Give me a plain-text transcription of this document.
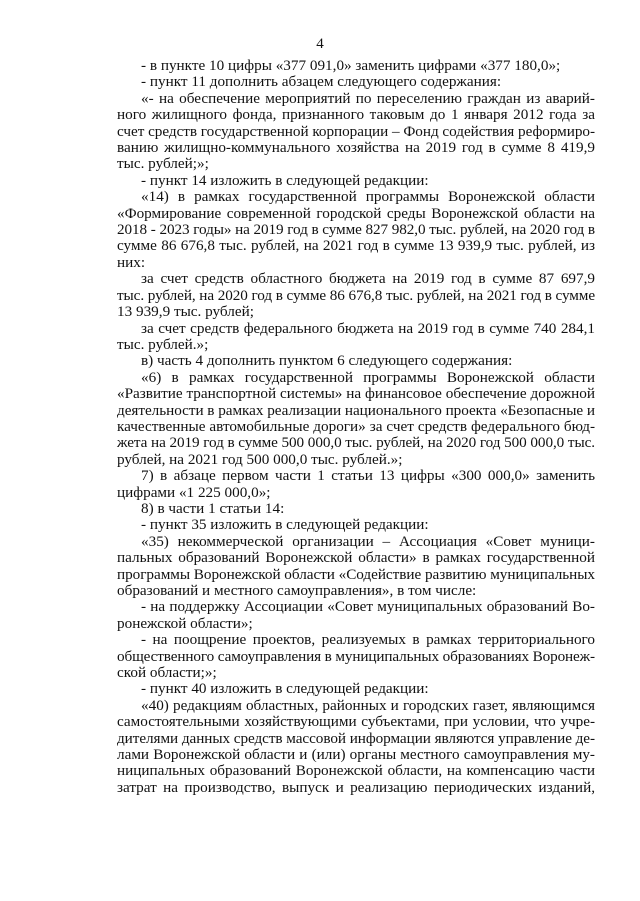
4
- в пункте 10 цифры «377 091,0» заменить цифрами «377 180,0»;
- пункт 11 дополнить абзацем следующего содержания:
«- на обеспечение мероприятий по переселению граждан из аварий-
ного жилищного фонда, признанного таковым до 1 января 2012 года за
счет средств государственной корпорации – Фонд содействия реформиро-
ванию жилищно-коммунального хозяйства на 2019 год в сумме 8 419,9
тыс. рублей;»;
- пункт 14 изложить в следующей редакции:
«14) в рамках государственной программы Воронежской области
«Формирование современной городской среды Воронежской области на
2018 - 2023 годы» на 2019 год в сумме 827 982,0 тыс. рублей, на 2020 год в
сумме 86 676,8 тыс. рублей, на 2021 год в сумме 13 939,9 тыс. рублей, из
них:
за счет средств областного бюджета на 2019 год в сумме 87 697,9
тыс. рублей, на 2020 год в сумме 86 676,8 тыс. рублей, на 2021 год в сумме
13 939,9 тыс. рублей;
за счет средств федерального бюджета на 2019 год в сумме 740 284,1
тыс. рублей.»;
в) часть 4 дополнить пунктом 6 следующего содержания:
«6) в рамках государственной программы Воронежской области
«Развитие транспортной системы» на финансовое обеспечение дорожной
деятельности в рамках реализации национального проекта «Безопасные и
качественные автомобильные дороги» за счет средств федерального бюд-
жета на 2019 год в сумме 500 000,0 тыс. рублей, на 2020 год 500 000,0 тыс.
рублей, на 2021 год 500 000,0 тыс. рублей.»;
7) в абзаце первом части 1 статьи 13 цифры «300 000,0» заменить
цифрами «1 225 000,0»;
8) в части 1 статьи 14:
- пункт 35 изложить в следующей редакции:
«35) некоммерческой организации – Ассоциация «Совет муници-
пальных образований Воронежской области» в рамках государственной
программы Воронежской области «Содействие развитию муниципальных
образований и местного самоуправления», в том числе:
- на поддержку Ассоциации «Совет муниципальных образований Во-
ронежской области»;
- на поощрение проектов, реализуемых в рамках территориального
общественного самоуправления в муниципальных образованиях Воронеж-
ской области;»;
- пункт 40 изложить в следующей редакции:
«40) редакциям областных, районных и городских газет, являющимся
самостоятельными хозяйствующими субъектами, при условии, что учре-
дителями данных средств массовой информации являются управление де-
лами Воронежской области и (или) органы местного самоуправления му-
ниципальных образований Воронежской области, на компенсацию части
затрат на производство, выпуск и реализацию периодических изданий,
